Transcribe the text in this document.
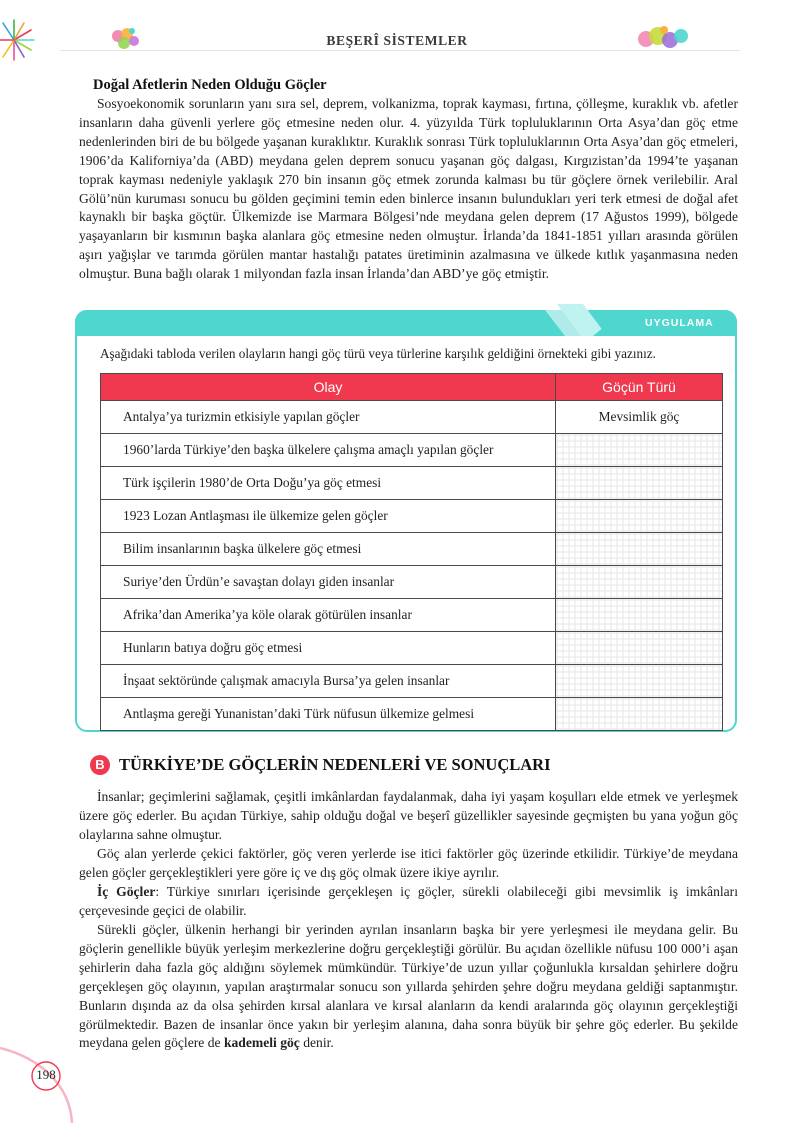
BEŞERÎ SİSTEMLER
Doğal Afetlerin Neden Olduğu Göçler

Sosyoekonomik sorunların yanı sıra sel, deprem, volkanizma, toprak kayması, fırtına, çölleşme, kuraklık vb. afetler insanların daha güvenli yerlere göç etmesine neden olur. 4. yüzyılda Türk topluluklarının Orta Asya’dan göç etme nedenlerinden biri de bu bölgede yaşanan kuraklıktır. Kuraklık sonrası Türk topluluklarının Orta Asya’dan göç etmeleri, 1906’da Kaliforniya’da (ABD) meydana gelen deprem sonucu yaşanan göç dalgası, Kırgızistan’da 1994’te yaşanan toprak kayması nedeniyle yaklaşık 270 bin insanın göç etmek zorunda kalması bu tür göçlere örnek verilebilir. Aral Gölü’nün kuruması sonucu bu gölden geçimini temin eden binlerce insanın bulundukları yeri terk etmesi de doğal afet kaynaklı bir başka göçtür. Ülkemizde ise Marmara Bölgesi’nde meydana gelen deprem (17 Ağustos 1999), bölgede yaşayanların bir kısmının başka alanlara göç etmesine neden olmuştur. İrlanda’da 1841-1851 yılları arasında görülen aşırı yağışlar ve tarımda görülen mantar hastalığı patates üretiminin azalmasına ve ülkede kıtlık yaşanmasına neden olmuştur. Buna bağlı olarak 1 milyondan fazla insan İrlanda’dan ABD’ye göç etmiştir.

UYGULAMA
Aşağıdaki tabloda verilen olayların hangi göç türü veya türlerine karşılık geldiğini örnekteki gibi yazınız.
Olay	Göçün Türü
Antalya’ya turizmin etkisiyle yapılan göçler	Mevsimlik göç
1960’larda Türkiye’den başka ülkelere çalışma amaçlı yapılan göçler	
Türk işçilerin 1980’de Orta Doğu’ya göç etmesi	
1923 Lozan Antlaşması ile ülkemize gelen göçler	
Bilim insanlarının başka ülkelere göç etmesi	
Suriye’den Ürdün’e savaştan dolayı giden insanlar	
Afrika’dan Amerika’ya köle olarak götürülen insanlar	
Hunların batıya doğru göç etmesi	
İnşaat sektöründe çalışmak amacıyla Bursa’ya gelen insanlar	
Antlaşma gereği Yunanistan’daki Türk nüfusun ülkemize gelmesi	
B TÜRKİYE’DE GÖÇLERİN NEDENLERİ VE SONUÇLARI

İnsanlar; geçimlerini sağlamak, çeşitli imkânlardan faydalanmak, daha iyi yaşam koşulları elde etmek ve yerleşmek üzere göç ederler. Bu açıdan Türkiye, sahip olduğu doğal ve beşerî güzellikler sayesinde geçmişten bu yana yoğun göç olaylarına sahne olmuştur.

Göç alan yerlerde çekici faktörler, göç veren yerlerde ise itici faktörler göç üzerinde etkilidir. Türkiye’de meydana gelen göçler gerçekleştikleri yere göre iç ve dış göç olmak üzere ikiye ayrılır.

İç Göçler: Türkiye sınırları içerisinde gerçekleşen iç göçler, sürekli olabileceği gibi mevsimlik iş imkânları çerçevesinde geçici de olabilir.

Sürekli göçler, ülkenin herhangi bir yerinden ayrılan insanların başka bir yere yerleşmesi ile meydana gelir. Bu göçlerin genellikle büyük yerleşim merkezlerine doğru gerçekleştiği görülür. Bu açıdan özellikle nüfusu 100 000’i aşan şehirlerin daha fazla göç aldığını söylemek mümkündür. Türkiye’de uzun yıllar çoğunlukla kırsaldan şehirlere doğru gerçekleşen göç olayının, yapılan araştırmalar sonucu son yıllarda şehirden şehre doğru meydana geldiği saptanmıştır. Bunların dışında az da olsa şehirden kırsal alanlara ve kırsal alanların da kendi aralarında göç olayının gerçekleştiği görülmektedir. Bazen de insanlar önce yakın bir yerleşim alanına, daha sonra büyük bir şehre göç ederler. Bu şekilde meydana gelen göçlere de kademeli göç denir.

198
